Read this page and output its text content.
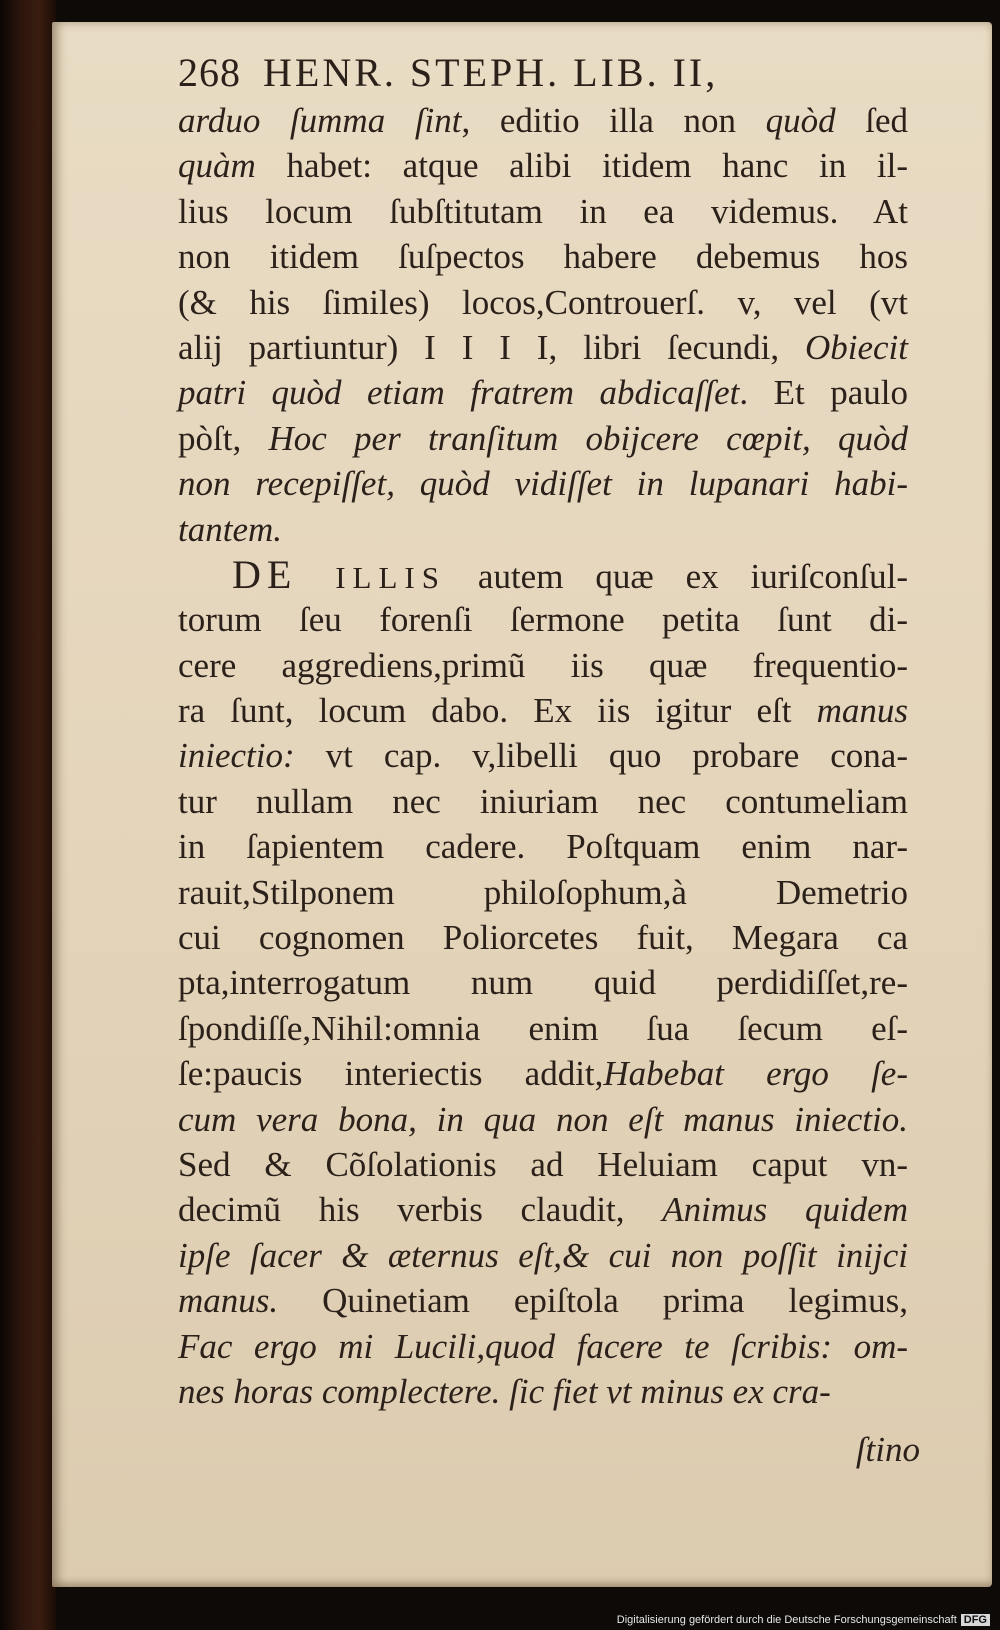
268 HENR. STEPH. LIB. II,
arduo ſumma ſint, editio illa non quòd ſed
quàm habet: atque alibi itidem hanc in il-
lius locum ſubſtitutam in ea videmus. At
non itidem ſuſpectos habere debemus hos
(& his ſimiles) locos,Controuerſ. v, vel (vt
alij partiuntur) I I I I, libri ſecundi, Obiecit
patri quòd etiam fratrem abdicaſſet. Et paulo
pòſt, Hoc per tranſitum obijcere cœpit, quòd
non recepiſſet, quòd vidiſſet in lupanari habi-
tantem.
DE ILLIS autem quæ ex iuriſconſul-
torum ſeu forenſi ſermone petita ſunt di-
cere aggrediens,primũ iis quæ frequentio-
ra ſunt, locum dabo. Ex iis igitur eſt manus
iniectio: vt cap. v,libelli quo probare cona-
tur nullam nec iniuriam nec contumeliam
in ſapientem cadere. Poſtquam enim nar-
rauit,Stilponem philoſophum,à Demetrio
cui cognomen Poliorcetes fuit, Megara ca
pta,interrogatum num quid perdidiſſet,re-
ſpondiſſe,Nihil:omnia enim ſua ſecum eſ-
ſe:paucis interiectis addit,Habebat ergo ſe-
cum vera bona, in qua non eſt manus iniectio.
Sed & Cõſolationis ad Heluiam caput vn-
decimũ his verbis claudit, Animus quidem
ipſe ſacer & æternus eſt,& cui non poſſit inijci
manus. Quinetiam epiſtola prima legimus,
Fac ergo mi Lucili,quod facere te ſcribis: om-
nes horas complectere. ſic fiet vt minus ex cra-
ſtino
Digitalisierung gefördert durch die Deutsche Forschungsgemeinschaft DFG
